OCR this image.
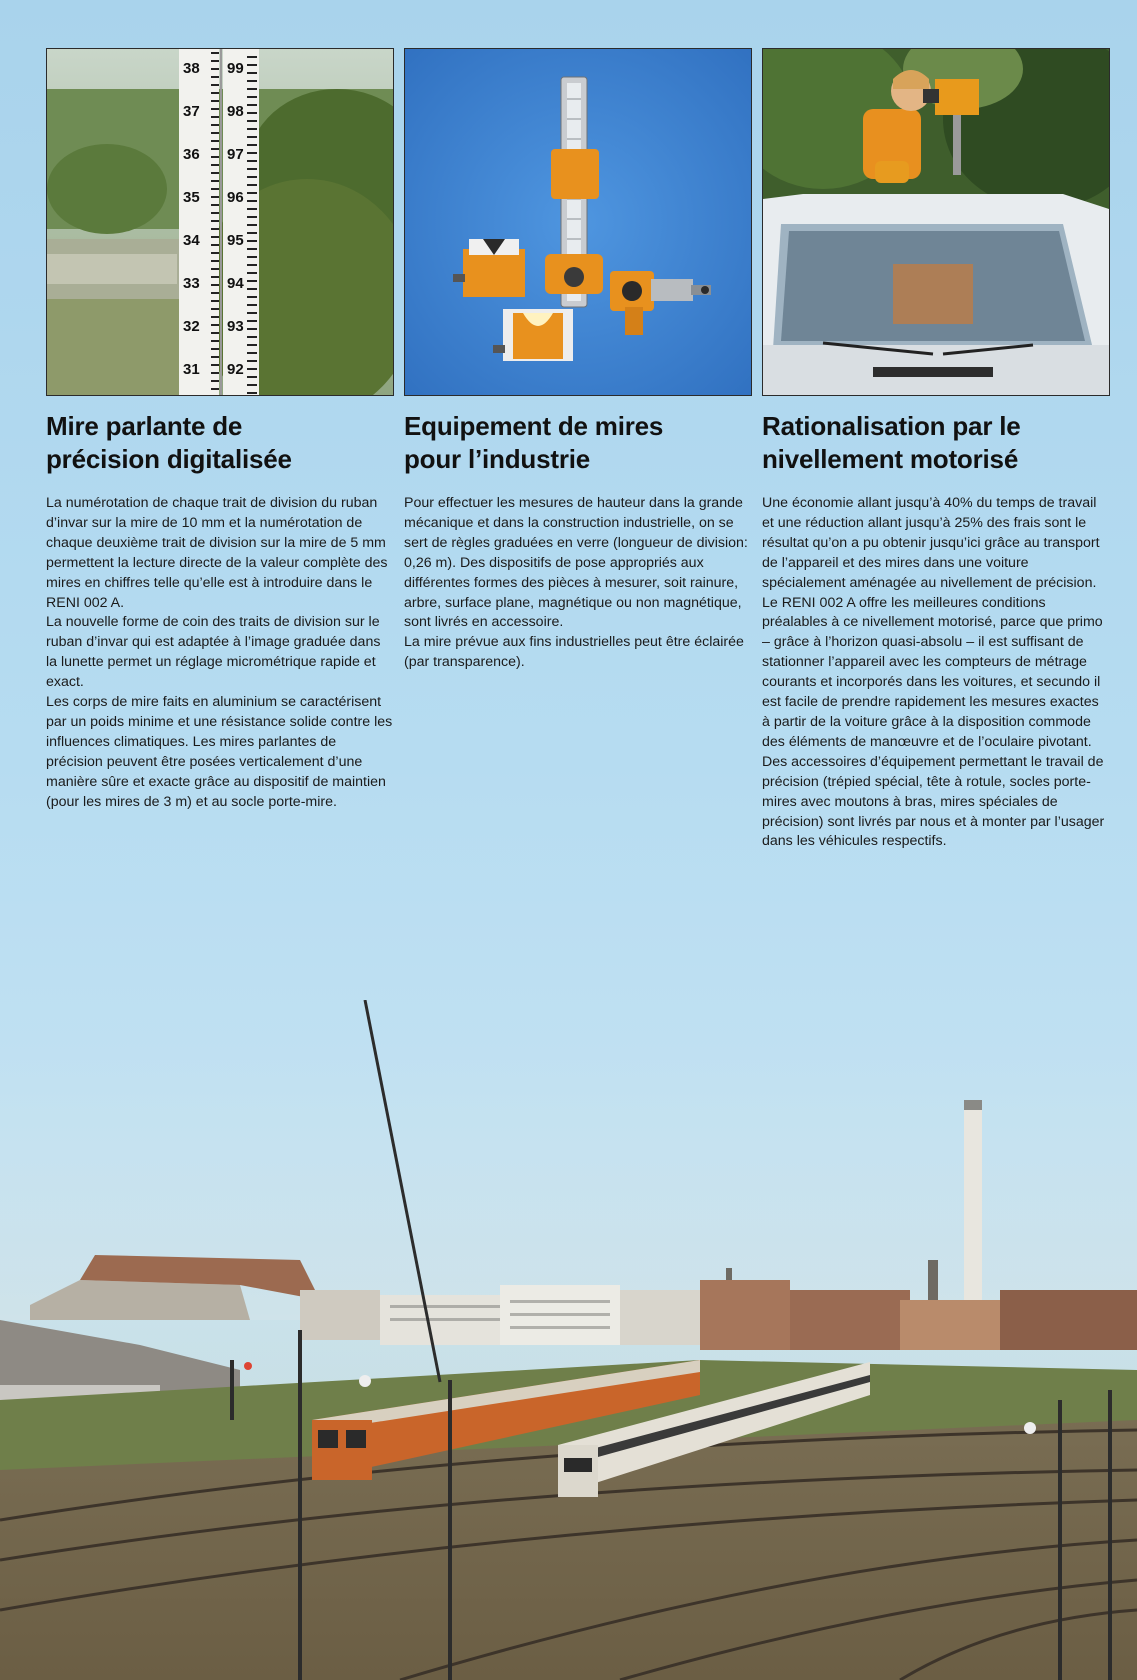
38
37
36
35
34
33
32
31
99
98
97
96
95
94
93
92
Mire parlante de
précision digitalisée

La numérotation de chaque trait de division du ruban d’invar sur la mire de 10 mm et la numérotation de chaque deuxième trait de division sur la mire de 5 mm permettent la lecture directe de la valeur complète des mires en chiffres telle qu’elle est à introduire dans le RENI 002 A.

La nouvelle forme de coin des traits de division sur le ruban d’invar qui est adaptée à l’image graduée dans la lunette permet un réglage micrométrique rapide et exact.

Les corps de mire faits en aluminium se caractérisent par un poids minime et une résistance solide contre les influences climatiques. Les mires parlantes de précision peuvent être posées verticalement d’une manière sûre et exacte grâce au dispositif de maintien (pour les mires de 3 m) et au socle porte-mire.

Equipement de mires
pour l’industrie

Pour effectuer les mesures de hauteur dans la grande mécanique et dans la construction industrielle, on se sert de règles graduées en verre (longueur de division: 0,26 m). Des dispositifs de pose appropriés aux différentes formes des pièces à mesurer, soit rainure, arbre, surface plane, magnétique ou non magnétique, sont livrés en accessoire.

La mire prévue aux fins industrielles peut être éclairée (par transparence).

Rationalisation par le
nivellement motorisé

Une économie allant jusqu’à 40% du temps de travail et une réduction allant jusqu’à 25% des frais sont le résultat qu’on a pu obtenir jusqu’ici grâce au transport de l’appareil et des mires dans une voiture spécialement aménagée au nivellement de précision. Le RENI 002 A offre les meilleures conditions préalables à ce nivellement motorisé, parce que primo – grâce à l’horizon quasi-absolu – il est suffisant de stationner l’appareil avec les compteurs de métrage courants et incorporés dans les voitures, et secundo il est facile de prendre rapidement les mesures exactes à partir de la voiture grâce à la disposition commode des éléments de manœuvre et de l’oculaire pivotant.

Des accessoires d’équipement permettant le travail de précision (trépied spécial, tête à rotule, socles porte-mires avec moutons à bras, mires spéciales de précision) sont livrés par nous et à monter par l’usager dans les véhicules respectifs.
